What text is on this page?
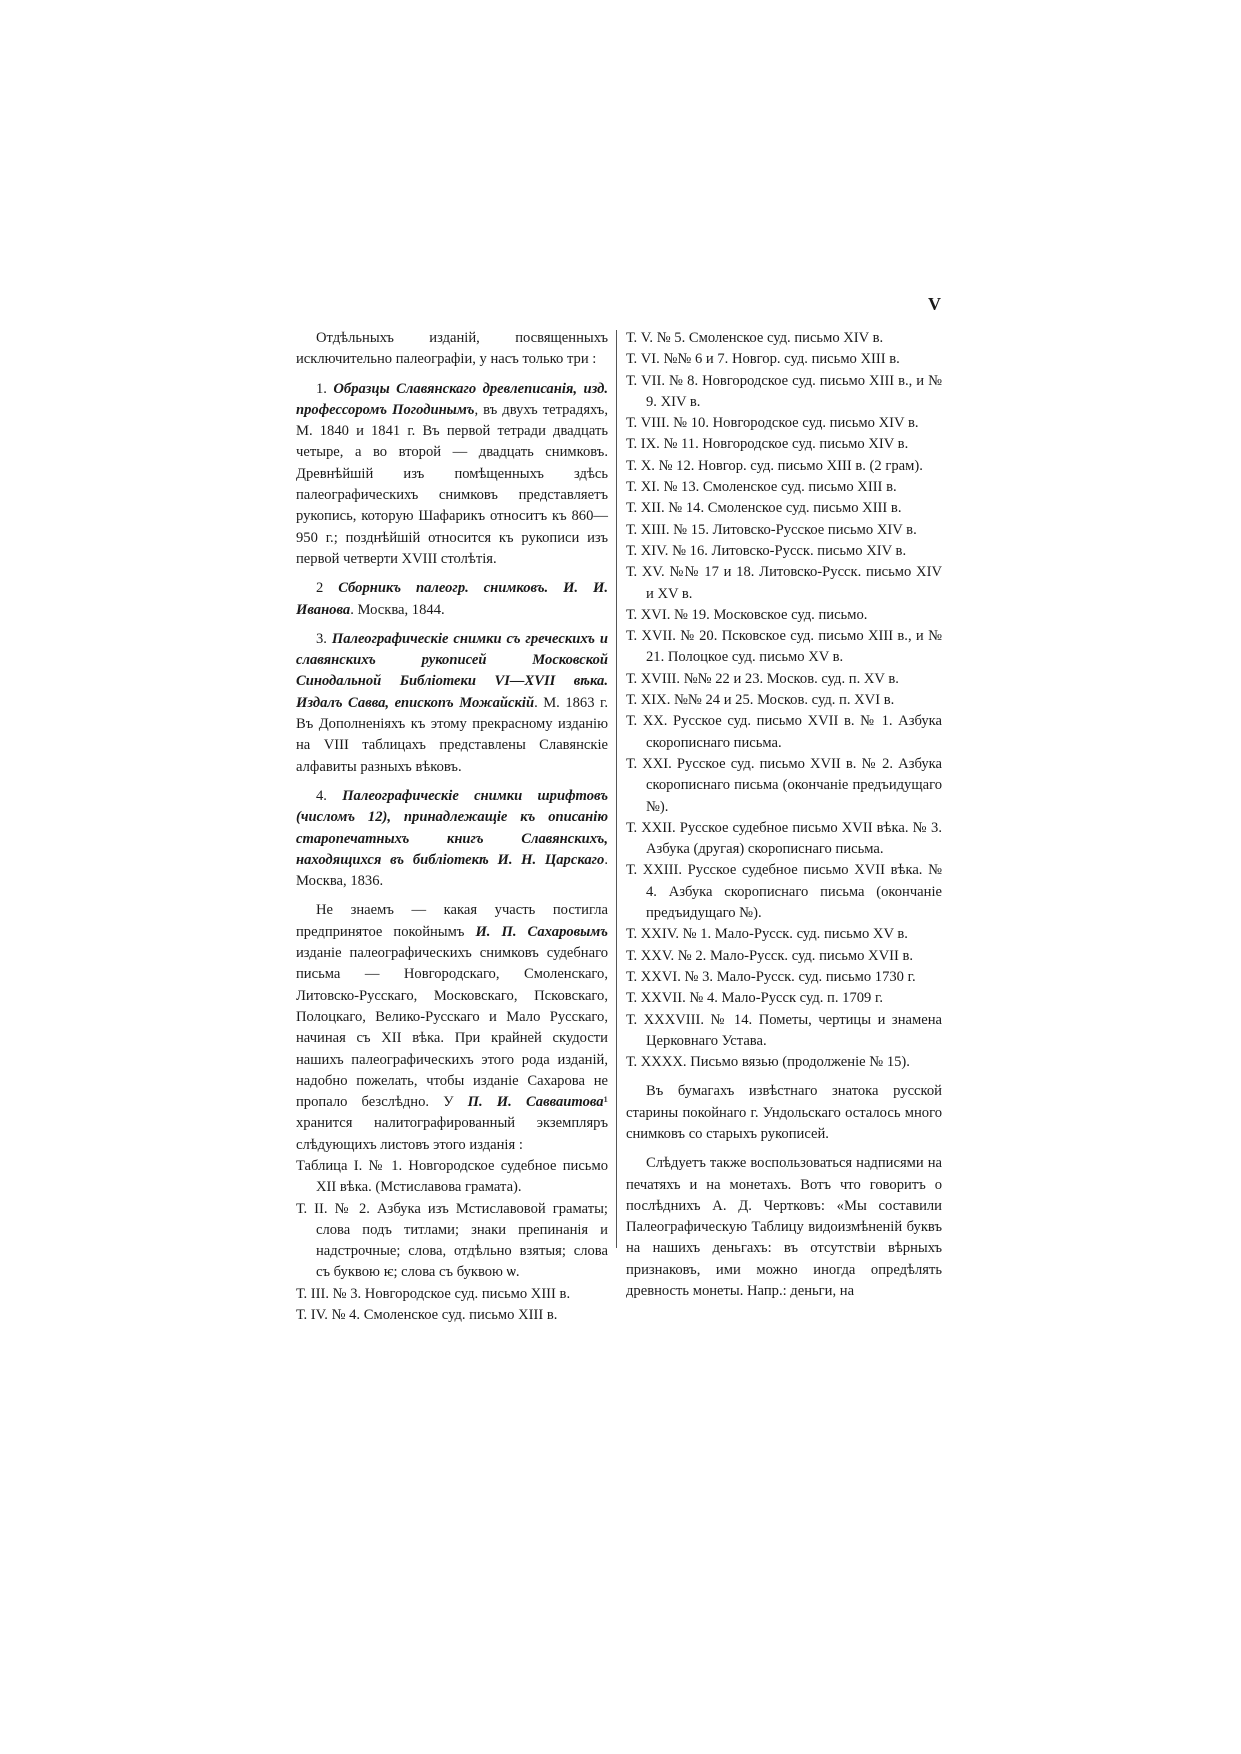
V

Отдѣльныхъ изданій, посвященныхъ исключительно палеографіи, у насъ только три :

1. Образцы Славянскаго древлеписанія, изд. профессоромъ Погодинымъ, въ двухъ тетрадяхъ, М. 1840 и 1841 г. Въ первой тетради двадцать четыре, а во второй — двадцать снимковъ. Древнѣйшій изъ помѣщенныхъ здѣсь палеографическихъ снимковъ представляетъ рукопись, которую Шафарикъ относитъ къ 860—950 г.; позднѣйшій относится къ рукописи изъ первой четверти XVIII столѣтія.

2 Сборникъ палеогр. снимковъ. И. И. Иванова. Москва, 1844.

3. Палеографическіе снимки съ греческихъ и славянскихъ рукописей Московской Синодальной Библіотеки VI—XVII вѣка. Издалъ Савва, епископъ Можайскій. М. 1863 г. Въ Дополненіяхъ къ этому прекрасному изданію на VIII таблицахъ представлены Славянскіе алфавиты разныхъ вѣковъ.

4. Палеографическіе снимки шрифтовъ (числомъ 12), принадлежащіе къ описанію старопечатныхъ книгъ Славянскихъ, находящихся въ библіотекѣ И. Н. Царскаго. Москва, 1836.

Не знаемъ — какая участь постигла предпринятое покойнымъ И. П. Сахаровымъ изданіе палеографическихъ снимковъ судебнаго письма — Новгородскаго, Смоленскаго, Литовско-Русскаго, Московскаго, Псковскаго, Полоцкаго, Велико-Русскаго и Мало Русскаго, начиная съ XII вѣка. При крайней скудости нашихъ палеографическихъ этого рода изданій, надобно пожелать, чтобы изданіе Сахарова не пропало безслѣдно. У П. И. Савваитова¹ хранится налитографированный экземпляръ слѣдующихъ листовъ этого изданія :

Таблица I. № 1. Новгородское судебное письмо XII вѣка. (Мстиславова грамата).

Т. II. № 2. Азбука изъ Мстиславовой граматы; слова подъ титлами; знаки препинанія и надстрочные; слова, отдѣльно взятыя; слова съ буквою ѥ; слова съ буквою ѡ.

Т. III. № 3. Новгородское суд. письмо XIII в.

Т. IV. № 4. Смоленское суд. письмо XIII в.

Т. V. № 5. Смоленское суд. письмо XIV в.

Т. VI. №№ 6 и 7. Новгор. суд. письмо XIII в.

Т. VII. № 8. Новгородское суд. письмо XIII в., и № 9. XIV в.

Т. VIII. № 10. Новгородское суд. письмо XIV в.

Т. IX. № 11. Новгородское суд. письмо XIV в.

Т. X. № 12. Новгор. суд. письмо XIII в. (2 грам).

Т. XI. № 13. Смоленское суд. письмо XIII в.

Т. XII. № 14. Смоленское суд. письмо XIII в.

Т. XIII. № 15. Литовско-Русское письмо XIV в.

Т. XIV. № 16. Литовско-Русск. письмо XIV в.

Т. XV. №№ 17 и 18. Литовско-Русск. письмо XIV и XV в.

Т. XVI. № 19. Московское суд. письмо.

Т. XVII. № 20. Псковское суд. письмо XIII в., и № 21. Полоцкое суд. письмо XV в.

Т. XVIII. №№ 22 и 23. Москов. суд. п. XV в.

Т. XIX. №№ 24 и 25. Москов. суд. п. XVI в.

Т. XX. Русское суд. письмо XVII в. № 1. Азбука скорописнаго письма.

Т. XXI. Русское суд. письмо XVII в. № 2. Азбука скорописнаго письма (окончаніе предъидущаго №).

Т. XXII. Русское судебное письмо XVII вѣка. № 3. Азбука (другая) скорописнаго письма.

Т. XXIII. Русское судебное письмо XVII вѣка. № 4. Азбука скорописнаго письма (окончаніе предъидущаго №).

Т. XXIV. № 1. Мало-Русск. суд. письмо XV в.

Т. XXV. № 2. Мало-Русск. суд. письмо XVII в.

Т. XXVI. № 3. Мало-Русск. суд. письмо 1730 г.

Т. XXVII. № 4. Мало-Русск суд. п. 1709 г.

Т. XXXVIII. № 14. Пометы, чертицы и знамена Церковнаго Устава.

Т. XXXX. Письмо вязью (продолженіе № 15).

Въ бумагахъ извѣстнаго знатока русской старины покойнаго г. Ундольскаго осталось много снимковъ со старыхъ рукописей.

Слѣдуетъ также воспользоваться надписями на печатяхъ и на монетахъ. Вотъ что говоритъ о послѣднихъ А. Д. Чертковъ: «Мы составили Палеографическую Таблицу видоизмѣненій буквъ на нашихъ деньгахъ: въ отсутствіи вѣрныхъ признаковъ, ими можно иногда опредѣлять древность монеты. Напр.: деньги, на
